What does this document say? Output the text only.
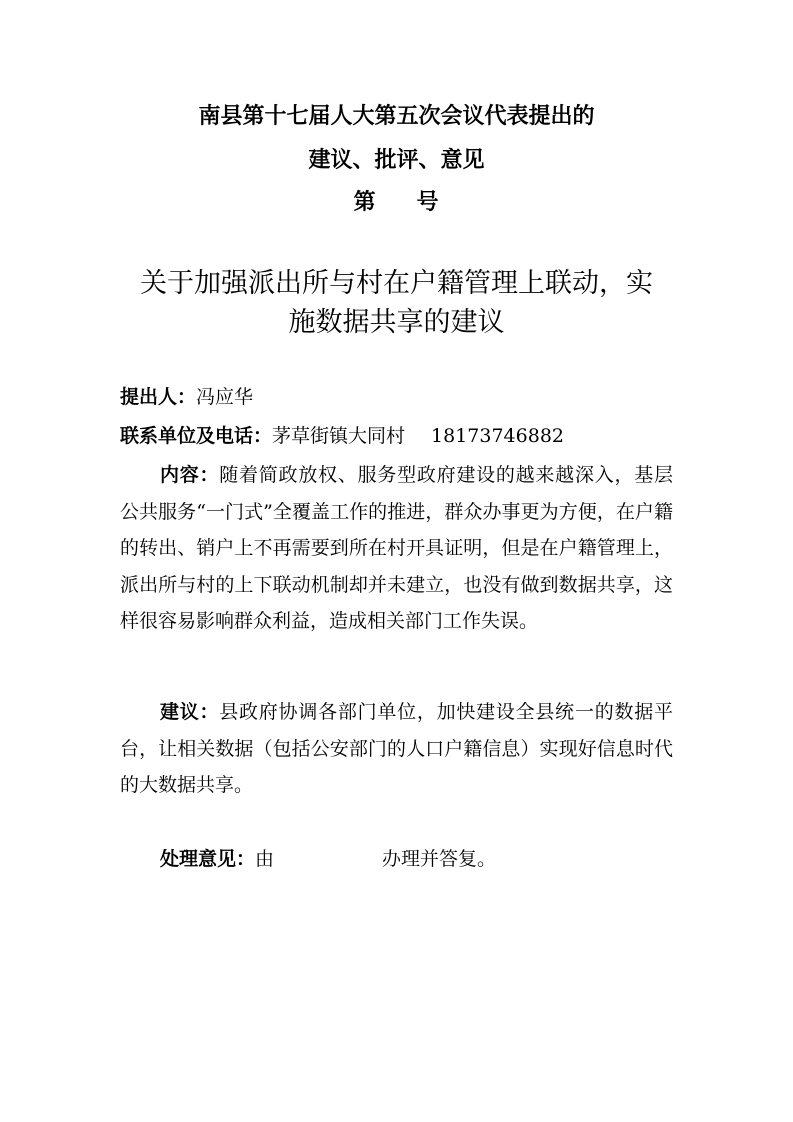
南县第十七届人大第五次会议代表提出的
建议、批评、意见
第 号
关于加强派出所与村在户籍管理上联动，实
施数据共享的建议
提出人：冯应华
联系单位及电话：茅草街镇大同村 18173746882
内容：随着简政放权、服务型政府建设的越来越深入，基层公共服务“一门式”全覆盖工作的推进，群众办事更为方便，在户籍的转出、销户上不再需要到所在村开具证明，但是在户籍管理上，派出所与村的上下联动机制却并未建立，也没有做到数据共享，这样很容易影响群众利益，造成相关部门工作失误。
建议：县政府协调各部门单位，加快建设全县统一的数据平台，让相关数据（包括公安部门的人口户籍信息）实现好信息时代的大数据共享。
处理意见：由	办理并答复。
